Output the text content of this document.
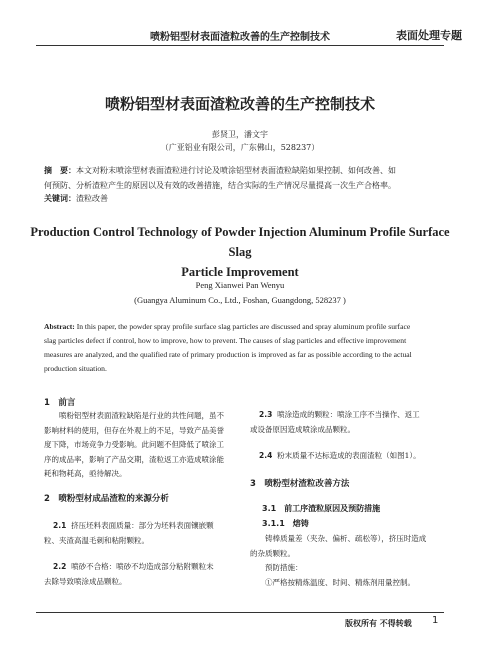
喷粉铝型材表面渣粒改善的生产控制技术	表面处理专题
喷粉铝型材表面渣粒改善的生产控制技术
彭贤卫，潘文宇
（广亚铝业有限公司，广东佛山，528237）
摘　要：本文对粉末喷涂型材表面渣粒进行讨论及喷涂铝型材表面渣粒缺陷如果控制、如何改善、如
何预防、分析渣粒产生的原因以及有效的改善措施，结合实际的生产情况尽量提高一次生产合格率。
关键词：渣粒改善
Production Control Technology of Powder Injection Aluminum Profile Surface Slag
Particle Improvement
Peng Xianwei Pan Wenyu
(Guangya Aluminum Co., Ltd., Foshan, Guangdong, 528237 )
Abstract: In this paper, the powder spray profile surface slag particles are discussed and spray aluminum profile surface
slag particles defect if control, how to improve, how to prevent. The causes of slag particles and effective improvement
measures are analyzed, and the qualified rate of primary production is improved as far as possible according to the actual
production situation.
1　前言

喷粉铝型材表面渣粒缺陷是行业的共性问题，虽不

影响材料的使用，但存在外观上的不足，导致产品美誉
度下降，市场竞争力受影响。此问题不但降低了喷涂工
序的成品率，影响了产品交期，渣粒返工亦造成喷涂能
耗和物耗高，亟待解决。
2　喷粉型材成品渣粒的来源分析
2.1 挤压坯料表面质量：部分为坯料表面镶嵌颗
粒、夹渣高温毛刺和粘附颗粒。
2.2 喷砂不合格：喷砂不均造成部分粘附颗粒未
去除导致喷涂成品颗粒。
2.3 喷涂造成的颗粒：喷涂工序不当操作、返工
或设备原因造成喷涂成品颗粒。
2.4 粉末质量不达标造成的表面渣粒（如图1）。
3　喷粉型材渣粒改善方法
3.1　前工序渣粒原因及预防措施
3.1.1　熔铸

铸棒质量差（夹杂、偏析、疏松等），挤压时造成

的杂质颗粒。

预防措施：

①严格按精炼温度、时间、精炼剂用量控制。

版权所有 不得转载 1
